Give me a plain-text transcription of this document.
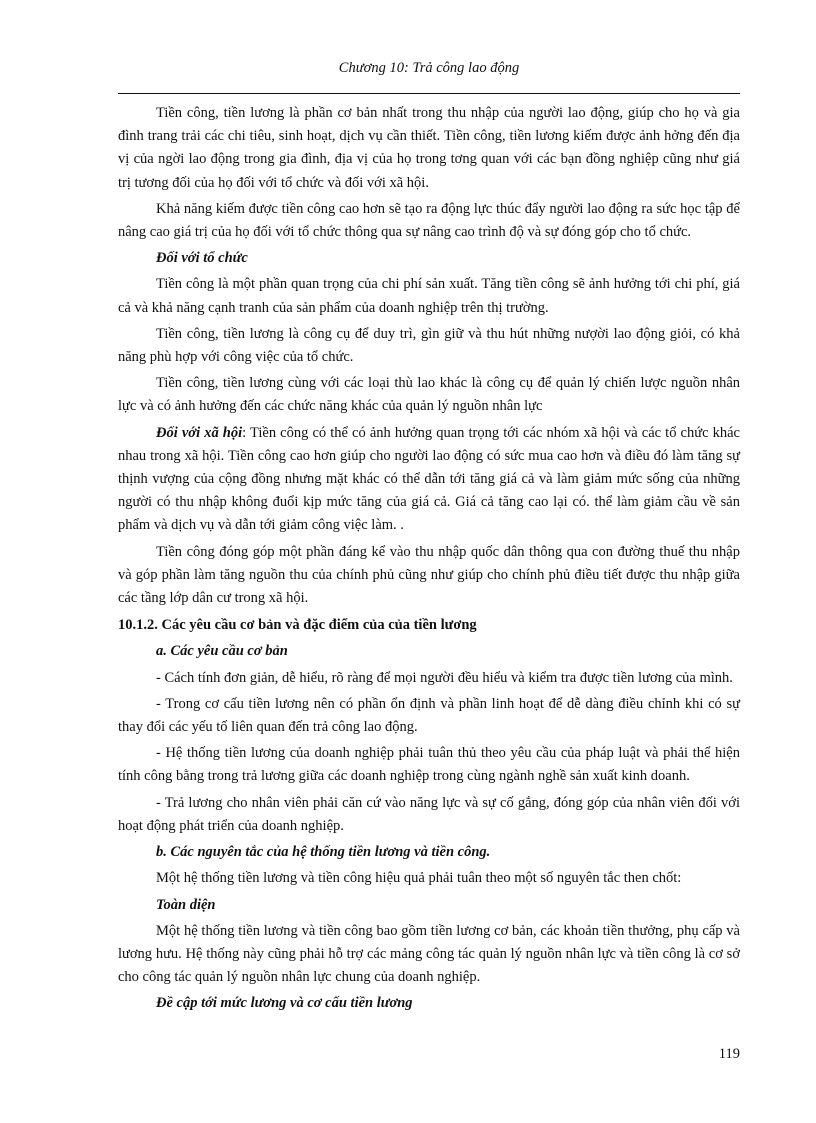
Chương 10: Trả công lao động

Tiền công, tiền lương là phần cơ bản nhất trong thu nhập của người lao động, giúp cho họ và gia đình trang trải các chi tiêu, sinh hoạt, dịch vụ cần thiết. Tiền công, tiền lương kiếm được ảnh hởng đến địa vị của ngời lao động trong gia đình, địa vị của họ trong tơng quan với các bạn đồng nghiệp cũng như giá trị tương đối của họ đối với tổ chức và đối với xã hội.

Khả năng kiếm được tiền công cao hơn sẽ tạo ra động lực thúc đẩy người lao động ra sức học tập để nâng cao giá trị của họ đối với tổ chức thông qua sự nâng cao trình độ và sự đóng góp cho tổ chức.

Đối với tổ chức

Tiền công là một phần quan trọng của chi phí sản xuất. Tăng tiền công sẽ ảnh hưởng tới chi phí, giá cả và khả năng cạnh tranh của sản phẩm của doanh nghiệp trên thị trường.

Tiền công, tiền lương là công cụ để duy trì, gìn giữ và thu hút những nượời lao động giỏi, có khả năng phù hợp với công việc của tổ chức.

Tiền công, tiền lương cùng với các loại thù lao khác là công cụ để quản lý chiến lược nguồn nhân lực và có ảnh hưởng đến các chức năng khác của quản lý nguồn nhân lực

Đối với xã hội: Tiền công có thể có ảnh hưởng quan trọng tới các nhóm xã hội và các tổ chức khác nhau trong xã hội. Tiền công cao hơn giúp cho người lao động có sức mua cao hơn và điều đó làm tăng sự thịnh vượng của cộng đồng nhưng mặt khác có thể dẫn tới tăng giá cả và làm giảm mức sống của những người có thu nhập không đuổi kịp mức tăng của giá cả. Giá cả tăng cao lại có. thể làm giảm cầu về sản phẩm và dịch vụ và dẫn tới giảm công việc làm. .

Tiền công đóng góp một phần đáng kể vào thu nhập quốc dân thông qua con đường thuế thu nhập và góp phần làm tăng nguồn thu của chính phủ cũng như giúp cho chính phủ điều tiết được thu nhập giữa các tầng lớp dân cư trong xã hội.

10.1.2. Các yêu cầu cơ bản và đặc điểm của của tiền lương

a. Các yêu cầu cơ bản

- Cách tính đơn giản, dễ hiểu, rõ ràng để mọi người đều hiểu và kiểm tra được tiền lương của mình.

- Trong cơ cấu tiền lương nên có phần ổn định và phần linh hoạt để dễ dàng điều chỉnh khi có sự thay đổi các yếu tố liên quan đến trả công lao động.

- Hệ thống tiền lương của doanh nghiệp phải tuân thủ theo yêu cầu của pháp luật và phải thể hiện tính công bằng trong trả lương giữa các doanh nghiệp trong cùng ngành nghề sản xuất kinh doanh.

- Trả lương cho nhân viên phải căn cứ vào năng lực và sự cố gắng, đóng góp của nhân viên đối với hoạt động phát triển của doanh nghiệp.

b. Các nguyên tắc của hệ thống tiền lương và tiền công.

Một hệ thống tiền lương và tiền công hiệu quả phải tuân theo một số nguyên tắc then chốt:

Toàn diện

Một hệ thống tiền lương và tiền công bao gồm tiền lương cơ bản, các khoản tiền thưởng, phụ cấp và lương hưu. Hệ thống này cũng phải hỗ trợ các mảng công tác quản lý nguồn nhân lực và tiền công là cơ sở cho công tác quản lý nguồn nhân lực chung của doanh nghiệp.

Đề cập tới mức lương và cơ cấu tiền lương

119
